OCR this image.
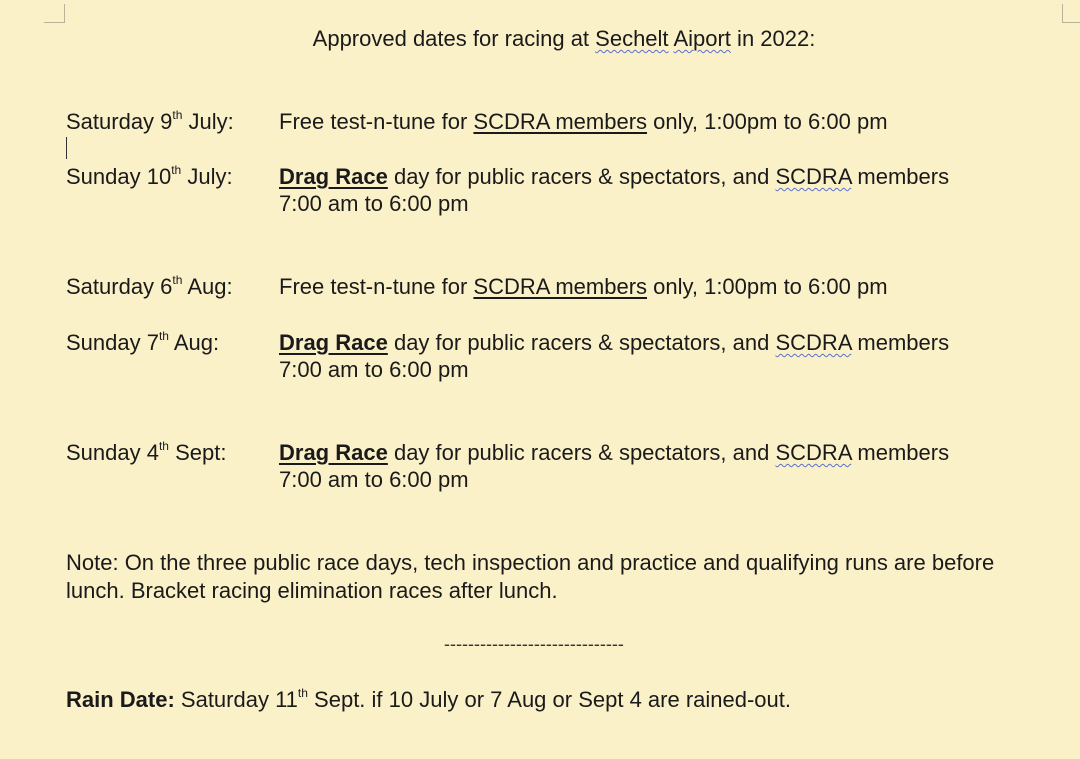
Approved dates for racing at Sechelt Aiport in 2022:
Saturday 9th July: Free test-n-tune for SCDRA members only, 1:00pm to 6:00 pm
Sunday 10th July: Drag Race day for public racers & spectators, and SCDRA members
7:00 am to 6:00 pm
Saturday 6th Aug: Free test-n-tune for SCDRA members only, 1:00pm to 6:00 pm
Sunday 7th Aug:	Drag Race day for public racers & spectators, and SCDRA members
7:00 am to 6:00 pm
Sunday 4th Sept: Drag Race day for public racers & spectators, and SCDRA members
7:00 am to 6:00 pm
Note: On the three public race days, tech inspection and practice and qualifying runs are before lunch. Bracket racing elimination races after lunch.
------------------------------
Rain Date: Saturday 11th Sept. if 10 July or 7 Aug or Sept 4 are rained-out.
